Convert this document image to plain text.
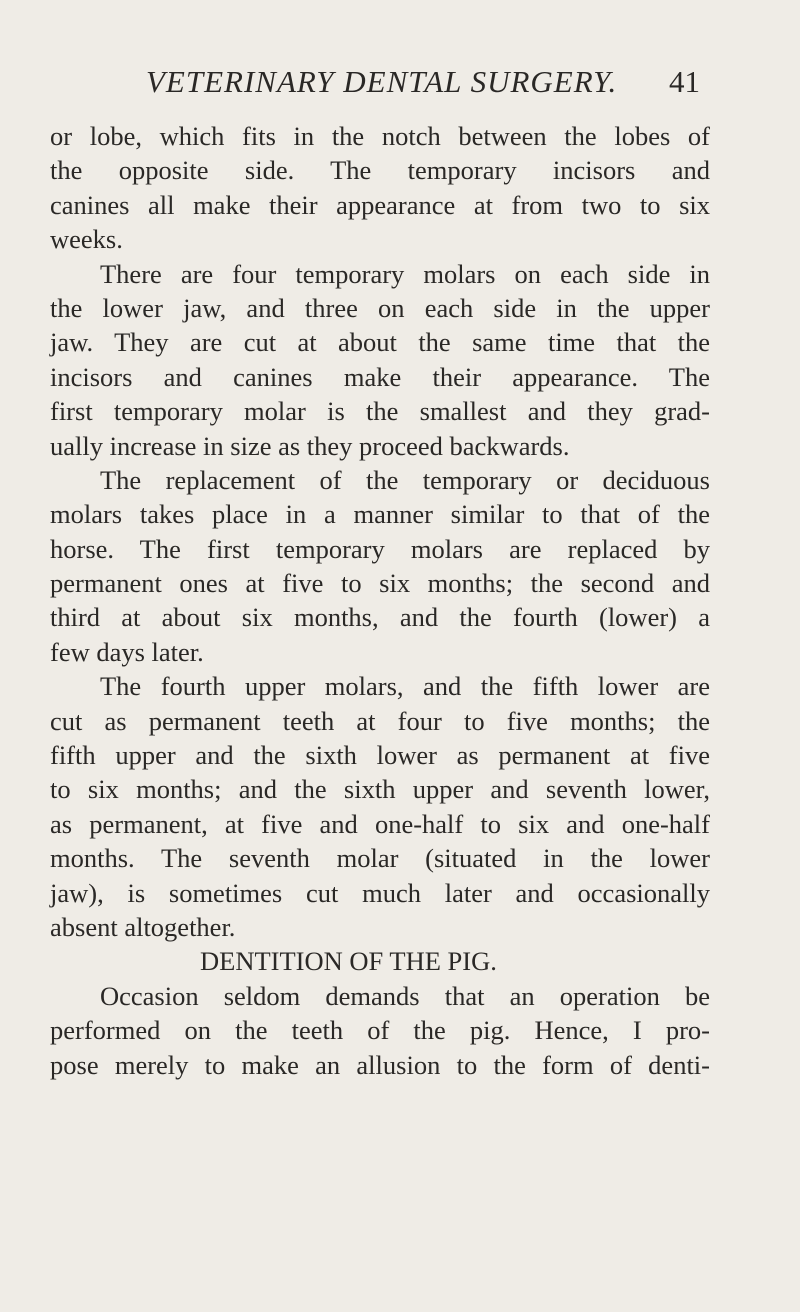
VETERINARY DENTAL SURGERY. 41
or lobe, which fits in the notch between the lobes of
the opposite side. The temporary incisors and
canines all make their appearance at from two to six
weeks.
There are four temporary molars on each side in
the lower jaw, and three on each side in the upper
jaw. They are cut at about the same time that the
incisors and canines make their appearance. The
first temporary molar is the smallest and they grad-
ually increase in size as they proceed backwards.
The replacement of the temporary or deciduous
molars takes place in a manner similar to that of the
horse. The first temporary molars are replaced by
permanent ones at five to six months; the second and
third at about six months, and the fourth (lower) a
few days later.
The fourth upper molars, and the fifth lower are
cut as permanent teeth at four to five months; the
fifth upper and the sixth lower as permanent at five
to six months; and the sixth upper and seventh lower,
as permanent, at five and one-half to six and one-half
months. The seventh molar (situated in the lower
jaw), is sometimes cut much later and occasionally
absent altogether.
DENTITION OF THE PIG.
Occasion seldom demands that an operation be
performed on the teeth of the pig. Hence, I pro-
pose merely to make an allusion to the form of denti-
